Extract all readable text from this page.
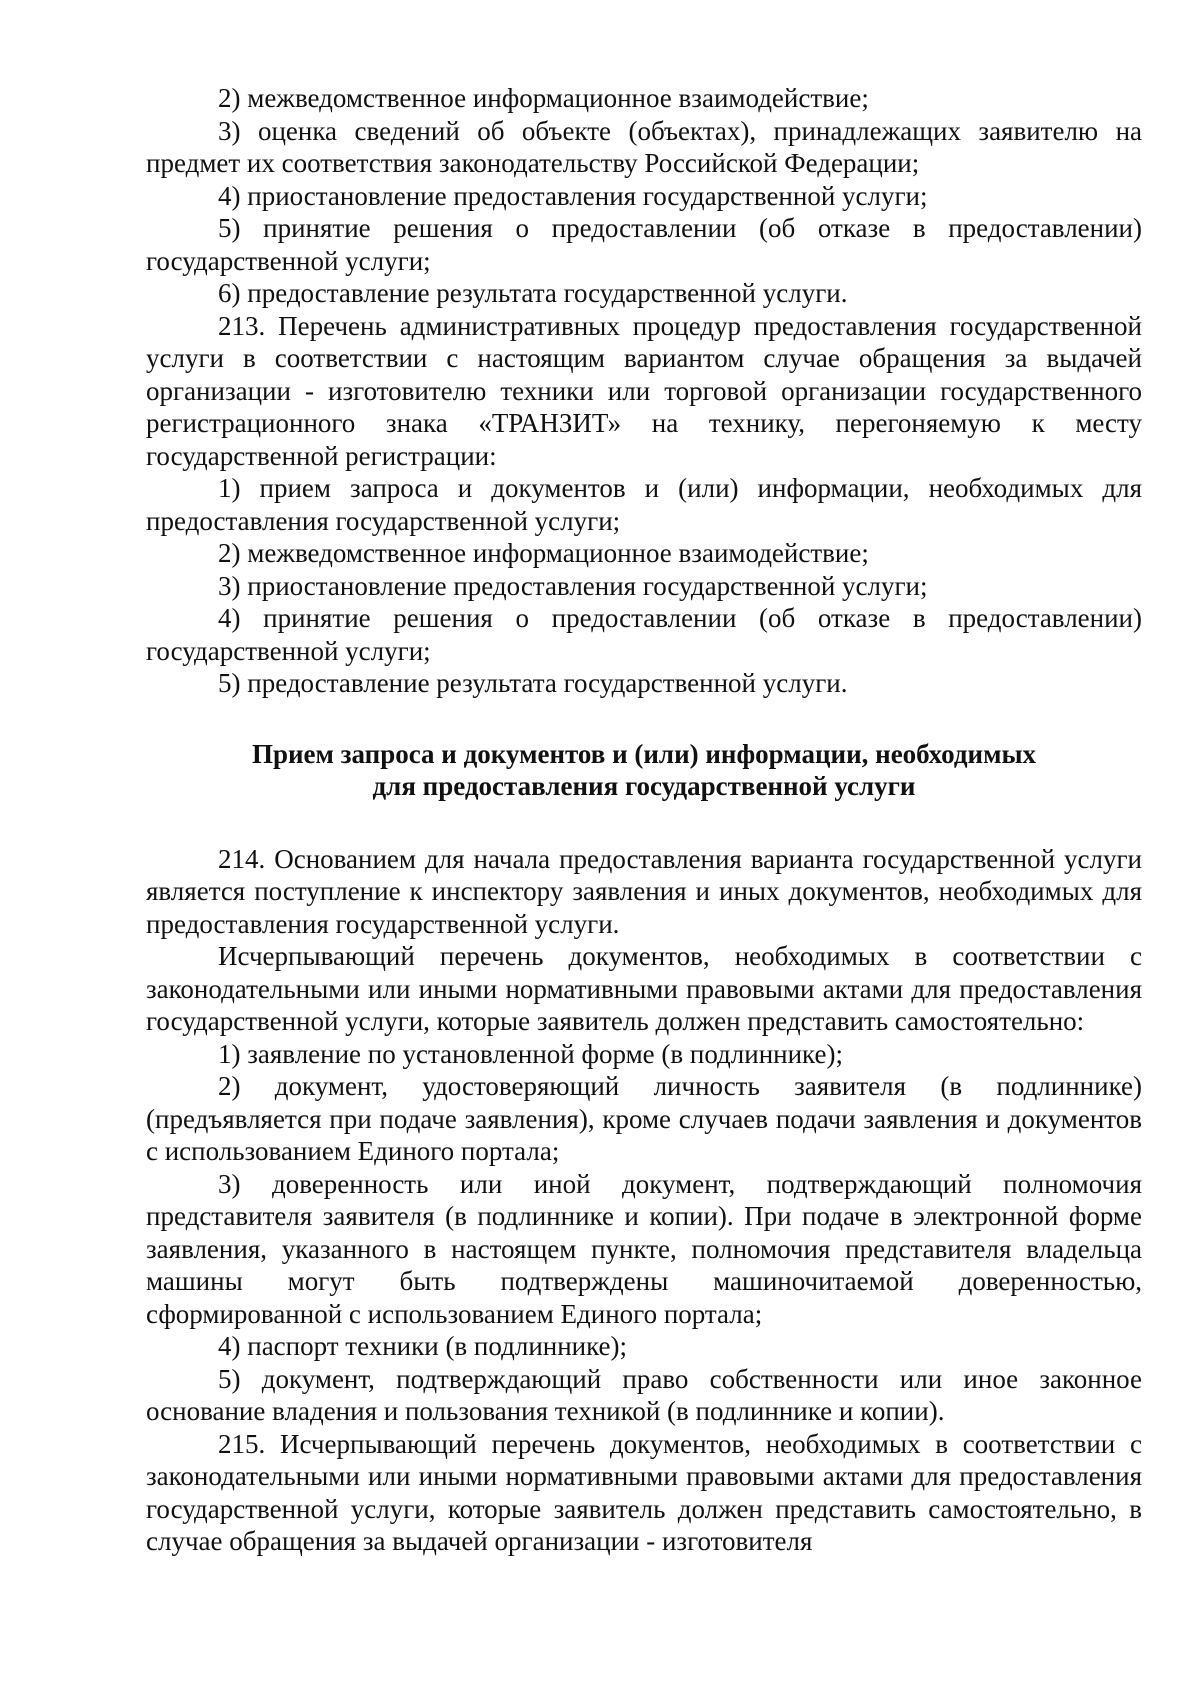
2) межведомственное информационное взаимодействие;

3) оценка сведений об объекте (объектах), принадлежащих заявителю на предмет их соответствия законодательству Российской Федерации;

4) приостановление предоставления государственной услуги;

5) принятие решения о предоставлении (об отказе в предоставлении) государственной услуги;

6) предоставление результата государственной услуги.

213. Перечень административных процедур предоставления государственной услуги в соответствии с настоящим вариантом случае обращения за выдачей организации - изготовителю техники или торговой организации государственного регистрационного знака «ТРАНЗИТ» на технику, перегоняемую к месту государственной регистрации:

1) прием запроса и документов и (или) информации, необходимых для предоставления государственной услуги;

2) межведомственное информационное взаимодействие;

3) приостановление предоставления государственной услуги;

4) принятие решения о предоставлении (об отказе в предоставлении) государственной услуги;

5) предоставление результата государственной услуги.

Прием запроса и документов и (или) информации, необходимых
для предоставления государственной услуги

214. Основанием для начала предоставления варианта государственной услуги является поступление к инспектору заявления и иных документов, необходимых для предоставления государственной услуги.

Исчерпывающий перечень документов, необходимых в соответствии с законодательными или иными нормативными правовыми актами для предоставления государственной услуги, которые заявитель должен представить самостоятельно:

1) заявление по установленной форме (в подлиннике);

2) документ, удостоверяющий личность заявителя (в подлиннике) (предъявляется при подаче заявления), кроме случаев подачи заявления и документов с использованием Единого портала;

3) доверенность или иной документ, подтверждающий полномочия представителя заявителя (в подлиннике и копии). При подаче в электронной форме заявления, указанного в настоящем пункте, полномочия представителя владельца машины могут быть подтверждены машиночитаемой доверенностью, сформированной с использованием Единого портала;

4) паспорт техники (в подлиннике);

5) документ, подтверждающий право собственности или иное законное основание владения и пользования техникой (в подлиннике и копии).

215. Исчерпывающий перечень документов, необходимых в соответствии с законодательными или иными нормативными правовыми актами для предоставления государственной услуги, которые заявитель должен представить самостоятельно, в случае обращения за выдачей организации - изготовителя
